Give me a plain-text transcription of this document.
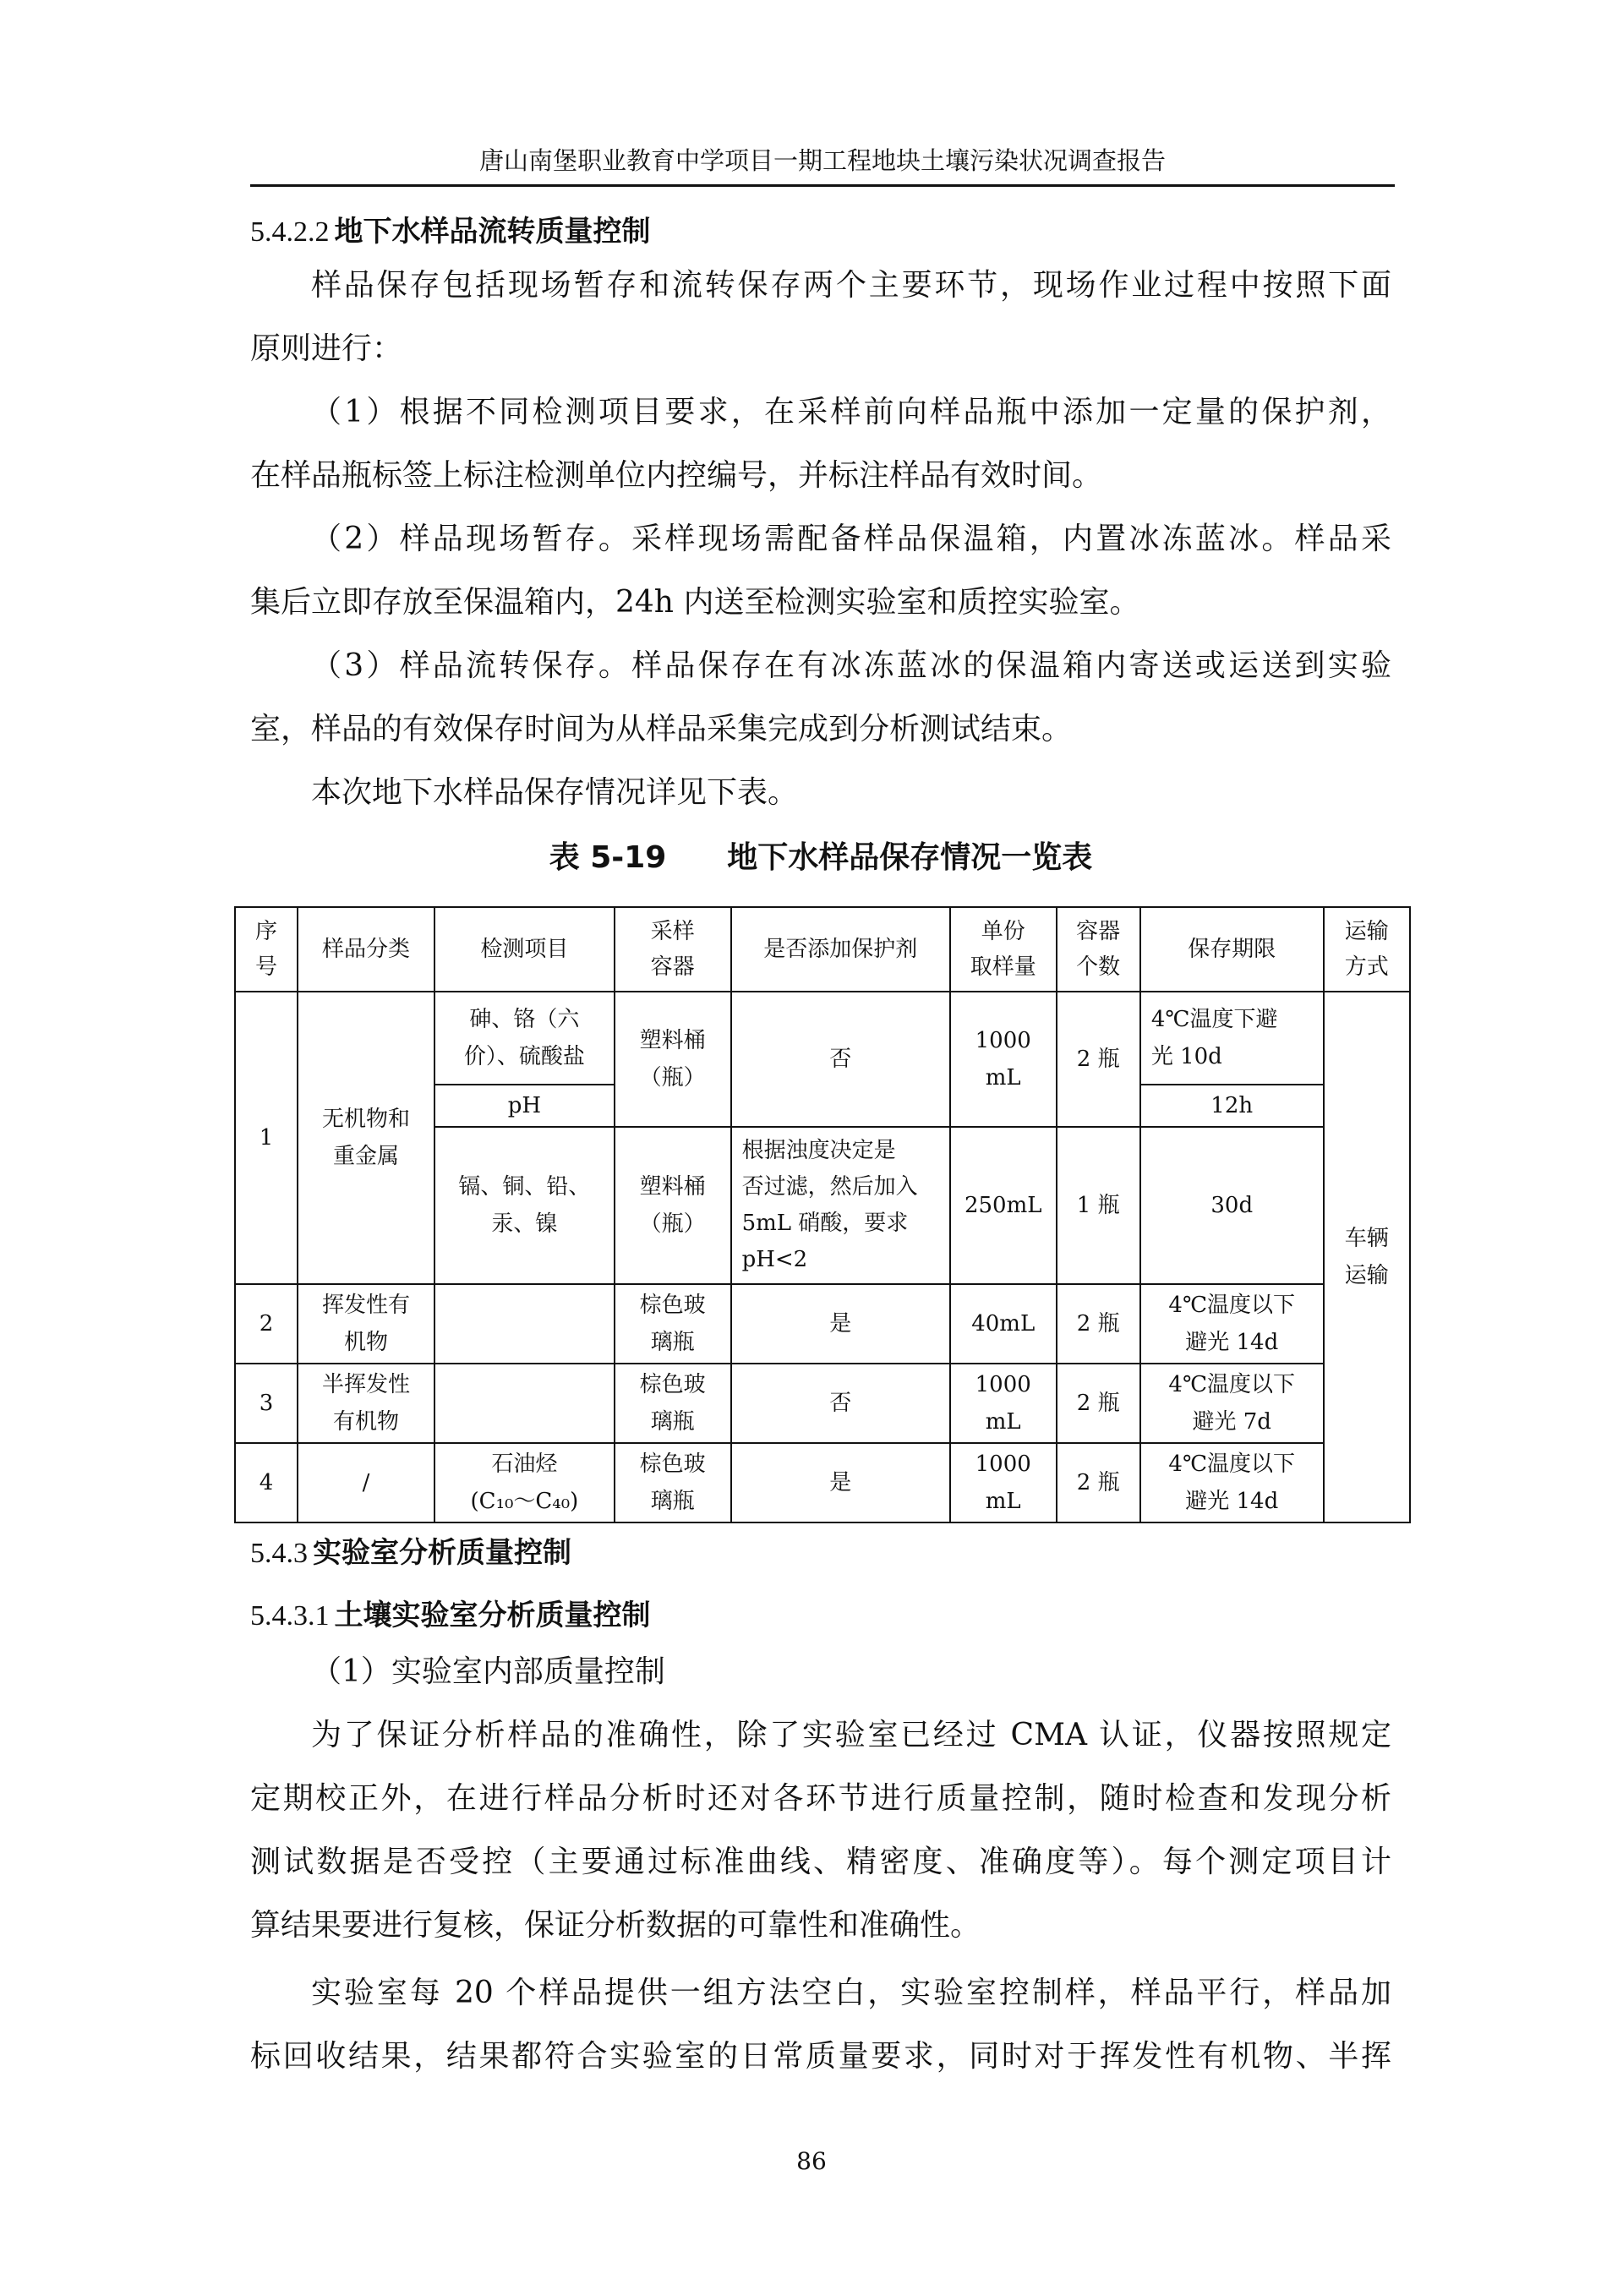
唐山南堡职业教育中学项目一期工程地块土壤污染状况调查报告
5.4.2.2 地下水样品流转质量控制
样品保存包括现场暂存和流转保存两个主要环节，现场作业过程中按照下面
原则进行：
（1）根据不同检测项目要求，在采样前向样品瓶中添加一定量的保护剂，
在样品瓶标签上标注检测单位内控编号，并标注样品有效时间。
（2）样品现场暂存。采样现场需配备样品保温箱，内置冰冻蓝冰。样品采
集后立即存放至保温箱内，24h 内送至检测实验室和质控实验室。
（3）样品流转保存。样品保存在有冰冻蓝冰的保温箱内寄送或运送到实验
室，样品的有效保存时间为从样品采集完成到分析测试结束。
本次地下水样品保存情况详见下表。
表 5-19　　地下水样品保存情况一览表
序
号	样品分类	检测项目	采样
容器	是否添加保护剂	单份
取样量	容器
个数	保存期限	运输
方式
1	无机物和
重金属	砷、铬（六
价）、硫酸盐	塑料桶
（瓶）	否	1000
mL	2 瓶	4℃温度下避
光 10d	车辆
运输
		pH					12h	
		镉、铜、铅、
汞、镍	塑料桶
（瓶）	根据浊度决定是
否过滤，然后加入
5mL 硝酸，要求
pH<2	250mL	1 瓶	30d	
2	挥发性有
机物		棕色玻
璃瓶	是	40mL	2 瓶	4℃温度以下
避光 14d	
3	半挥发性
有机物		棕色玻
璃瓶	否	1000
mL	2 瓶	4℃温度以下
避光 7d	
4	/	石油烃
(C₁₀～C₄₀)	棕色玻
璃瓶	是	1000
mL	2 瓶	4℃温度以下
避光 14d	
5.4.3 实验室分析质量控制
5.4.3.1 土壤实验室分析质量控制
（1）实验室内部质量控制
为了保证分析样品的准确性，除了实验室已经过 CMA 认证，仪器按照规定
定期校正外，在进行样品分析时还对各环节进行质量控制，随时检查和发现分析
测试数据是否受控（主要通过标准曲线、精密度、准确度等）。每个测定项目计
算结果要进行复核，保证分析数据的可靠性和准确性。
实验室每 20 个样品提供一组方法空白，实验室控制样，样品平行，样品加
标回收结果，结果都符合实验室的日常质量要求，同时对于挥发性有机物、半挥
86
